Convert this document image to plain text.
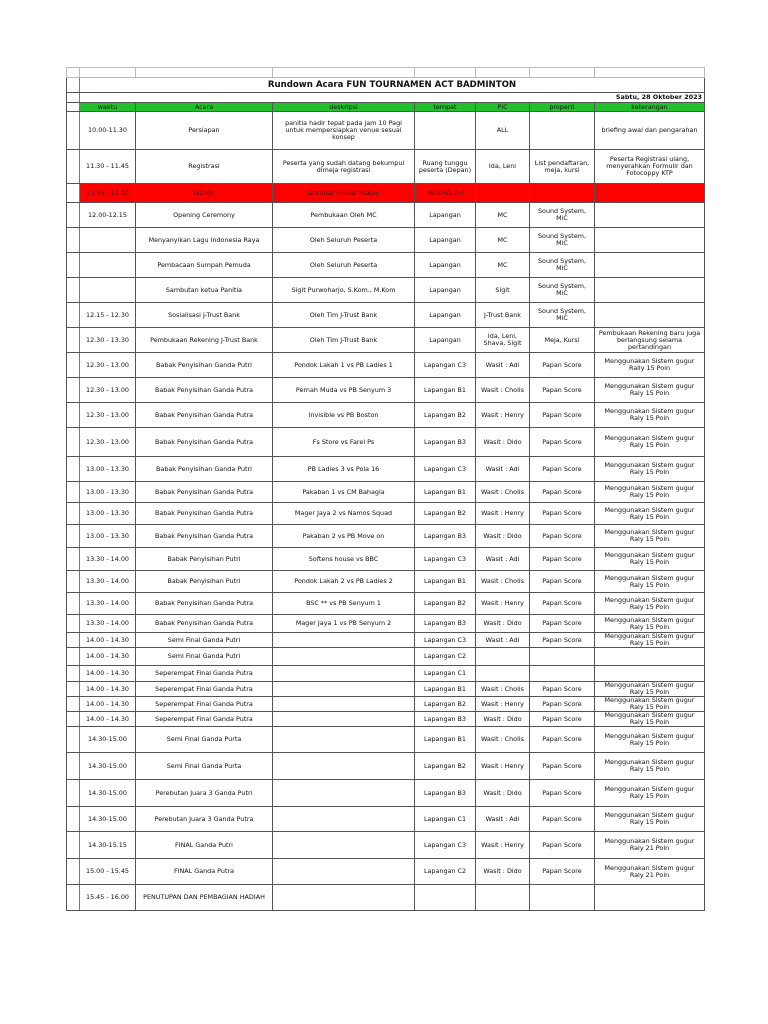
	Rundown Acara FUN TOURNAMEN ACT BADMINTON						
	Sabtu, 28 Oktober 2023						
	waktu	Acara	deskripsi	tempat	PIC	properti	keterangan
	10.00-11.30	Persiapan	panitia hadir tepat pada jam 10 Pagi untuk mempersiapkan venue sesuai konsep		ALL		briefing awal dan pengarahan
	11.30 - 11.45	Registrasi	Peserta yang sudah datang bekumpul dimeja registrasi	Ruang tunggu peserta (Depan)	Ida, Leni	List pendaftaran, meja, kursi	Peserta Registrasi ulang, menyerahkan Formulir dan Fotocoppy KTP
	11.45 - 12.00	ISOMA	Istirahat Sholat Makan	MUSHOLAH			
	12.00-12.15	Opening Ceremony	Pembukaan Oleh MC	Lapangan	MC	Sound System, MiC	
		Menyanyikan Lagu Indonesia Raya	Oleh Seluruh Peserta	Lapangan	MC	Sound System, MiC	
		Pembacaan Sumpah Pemuda	Oleh Seluruh Peserta	Lapangan	MC	Sound System, MiC	
		Sambutan ketua Panitia	Sigit Purwoharjo, S.Kom., M.Kom	Lapangan	Sigit	Sound System, MiC	
	12.15 - 12.30	Sosialisasi J-Trust Bank	Oleh Tim J-Trust Bank	Lapangan	J-Trust Bank	Sound System, MiC	
	12.30 - 13.30	Pembukaan Rekening J-Trust Bank	Oleh Tim J-Trust Bank	Lapangan	Ida, Leni, Shava, Sigit	Meja, Kursi	Pembukaan Rekening baru juga berlangsung selama pertandingan
	12.30 - 13.00	Babak Penyisihan Ganda Putri	Pondok Lakah 1 vs PB Ladies 1	Lapangan C3	Wasit : Adi	Papan Score	Menggunakan Sistem gugur Rally 15 Poin
	12.30 - 13.00	Babak Penyisihan Ganda Putra	Pernah Muda vs PB Senyum 3	Lapangan B1	Wasit : Cholis	Papan Score	Menggunakan Sistem gugur Raly 15 Poin
	12.30 - 13.00	Babak Penyisihan Ganda Putra	Invisible vs PB Boston	Lapangan B2	Wasit : Henry	Papan Score	Menggunakan Sistem gugur Raly 15 Poin
	12.30 - 13.00	Babak Penyisihan Ganda Putra	Fs Store vs Farel Ps	Lapangan B3	Wasit : Dido	Papan Score	Menggunakan Sistem gugur Raly 15 Poin
	13.00 - 13.30	Babak Penyisihan Ganda Putri	PB Ladies 3 vs Pola 16	Lapangan C3	Wasit : Adi	Papan Score	Menggunakan Sistem gugur Raly 15 Poin
	13.00 - 13.30	Babak Penyisihan Ganda Putra	Pakaban 1 vs CM Bahagia	Lapangan B1	Wasit : Cholis	Papan Score	Menggunakan Sistem gugur Raly 15 Poin
	13.00 - 13.30	Babak Penyisihan Ganda Putra	Mager Jaya 2 vs Namos Squad	Lapangan B2	Wasit : Henry	Papan Score	Menggunakan Sistem gugur Raly 15 Poin
	13.00 - 13.30	Babak Penyisihan Ganda Putra	Pakaban 2 vs PB Move on	Lapangan B3	Wasit : Dido	Papan Score	Menggunakan Sistem gugur Raly 15 Poin
	13.30 - 14.00	Babak Penyisihan Putri	Softens house vs BBC	Lapangan C3	Wasit : Adi	Papan Score	Menggunakan Sistem gugur Raly 15 Poin
	13.30 - 14.00	Babak Penyisihan Putri	Pondok Lakah 2 vs PB Ladies 2	Lapangan B1	Wasit : Cholis	Papan Score	Menggunakan Sistem gugur Raly 15 Poin
	13.30 - 14.00	Babak Penyisihan Ganda Putra	BSC ** vs PB Senyum 1	Lapangan B2	Wasit : Henry	Papan Score	Menggunakan Sistem gugur Raly 15 Poin
	13.30 - 14.00	Babak Penyisihan Ganda Putra	Mager Jaya 1 vs PB Senyum 2	Lapangan B3	Wasit : Dido	Papan Score	Menggunakan Sistem gugur Raly 15 Poin
	14.00 - 14.30	Semi Final Ganda Putri		Lapangan C3	Wasit : Adi	Papan Score	Menggunakan Sistem gugur Raly 15 Poin
	14.00 - 14.30	Semi Final Ganda Putri		Lapangan C2			
	14.00 - 14.30	Seperempat Final Ganda Putra		Lapangan C1			
	14.00 - 14.30	Seperempat Final Ganda Putra		Lapangan B1	Wasit : Cholis	Papan Score	Menggunakan Sistem gugur Raly 15 Poin
	14.00 - 14.30	Seperempat Final Ganda Putra		Lapangan B2	Wasit : Henry	Papan Score	Menggunakan Sistem gugur Raly 15 Poin
	14.00 - 14.30	Seperempat Final Ganda Putra		Lapangan B3	Wasit : Dido	Papan Score	Menggunakan Sistem gugur Raly 15 Poin
	14.30-15.00	Semi Final Ganda Purta		Lapangan B1	Wasit : Cholis	Papan Score	Menggunakan Sistem gugur Raly 15 Poin
	14.30-15.00	Semi Final Ganda Purta		Lapangan B2	Wasit : Henry	Papan Score	Menggunakan Sistem gugur Raly 15 Poin
	14.30-15.00	Perebutan Juara 3 Ganda Putri		Lapangan B3	Wasit : Dido	Papan Score	Menggunakan Sistem gugur Raly 15 Poin
	14.30-15.00	Perebutan Juara 3 Ganda Putra		Lapangan C1	Wasit : Adi	Papan Score	Menggunakan Sistem gugur Raly 15 Poin
	14.30-15.15	FINAL Ganda Putri		Lapangan C3	Wasit : Henry	Papan Score	Menggunakan Sistem gugur Raly 21 Poin
	15.00 - 15.45	FINAL Ganda Putra		Lapangan C2	Wasit : Dido	Papan Score	Menggunakan Sistem gugur Raly 21 Poin
	15.45 - 16.00	PENUTUPAN DAN PEMBAGIAN HADIAH					
